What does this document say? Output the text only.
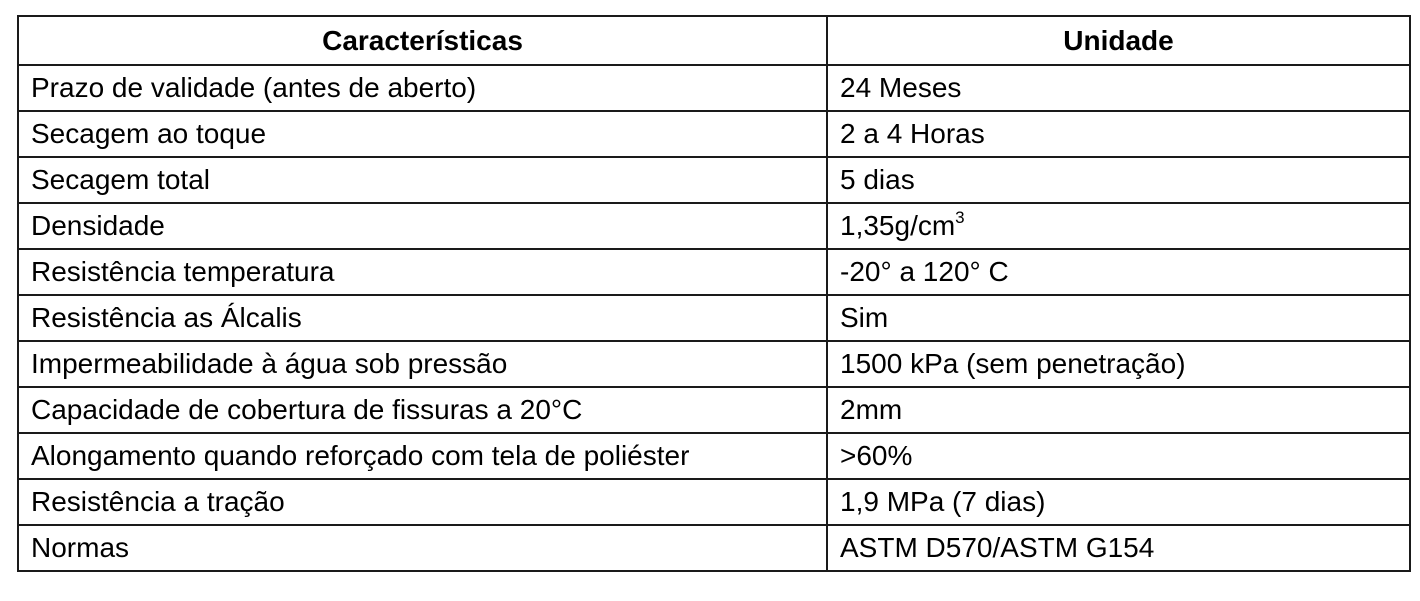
Características	Unidade
Prazo de validade (antes de aberto)	24 Meses
Secagem ao toque	2 a 4 Horas
Secagem total	5 dias
Densidade	$1,35g/cm^3$
Resistência temperatura	-20° a 120° C
Resistência as Álcalis	Sim
Impermeabilidade à água sob pressão	1500 kPa (sem penetração)
Capacidade de cobertura de fissuras a 20°C	2mm
Alongamento quando reforçado com tela de poliéster	>60%
Resistência a tração	1,9 MPa (7 dias)
Normas	ASTM D570/ASTM G154
